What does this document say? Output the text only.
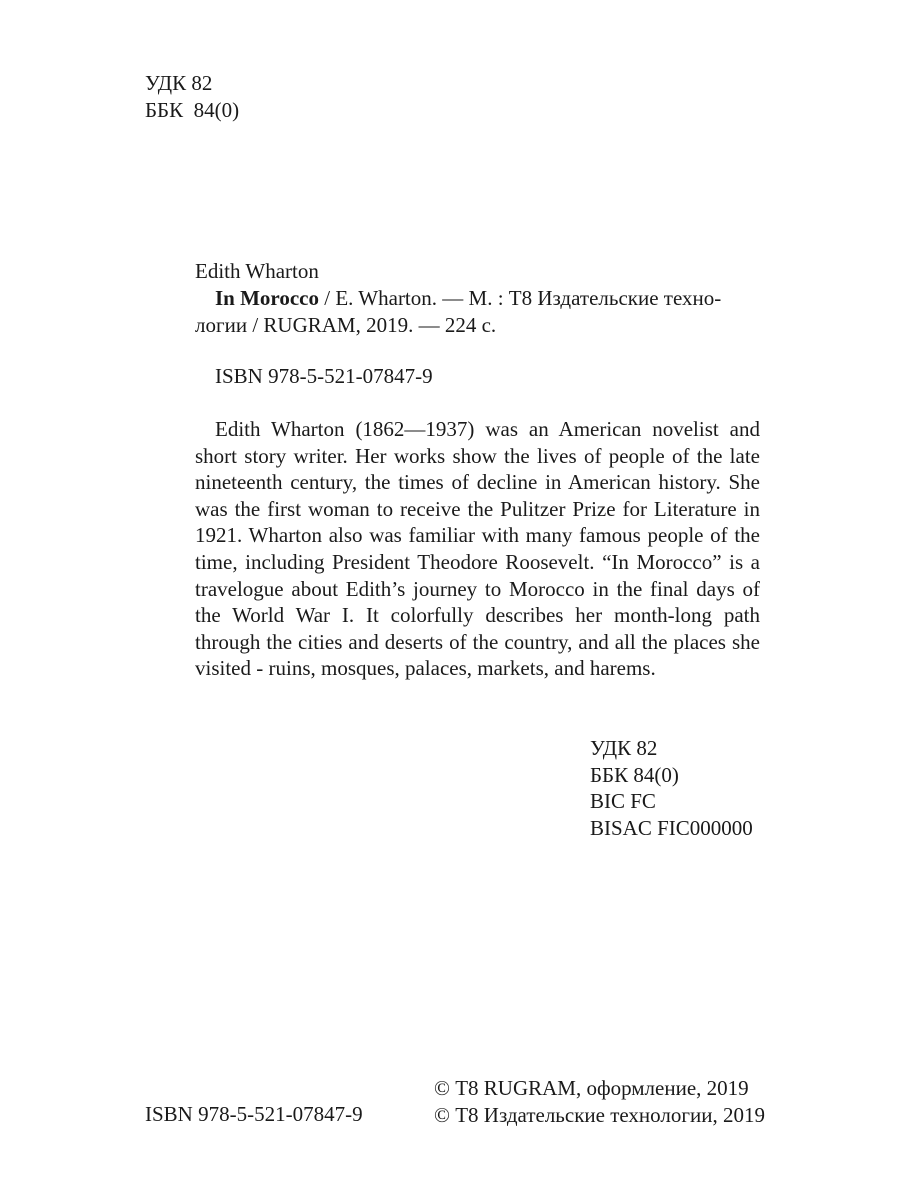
УДК 82
ББК  84(0)
Edith Wharton
In Morocco / E. Wharton. — М. : Т8 Издательские техно-
логии / RUGRAM, 2019. — 224 с.
ISBN 978-5-521-07847-9
Edith Wharton (1862—1937) was an American novelist and short story writer. Her works show the lives of people of the late nineteenth century, the times of decline in American history. She was the first woman to receive the Pulitzer Prize for Literature in 1921. Wharton also was familiar with many famous people of the time, including President Theodore Roosevelt. “In Morocco” is a travelogue about Edith’s journey to Morocco in the final days of the World War I. It colorfully describes her month-long path through the cities and deserts of the country, and all the places she visited - ruins, mosques, palaces, markets, and harems.
УДК 82
ББК 84(0)
BIC FC
BISAC FIC000000
© Т8 RUGRAM, оформление, 2019
© Т8 Издательские технологии, 2019
ISBN 978-5-521-07847-9
